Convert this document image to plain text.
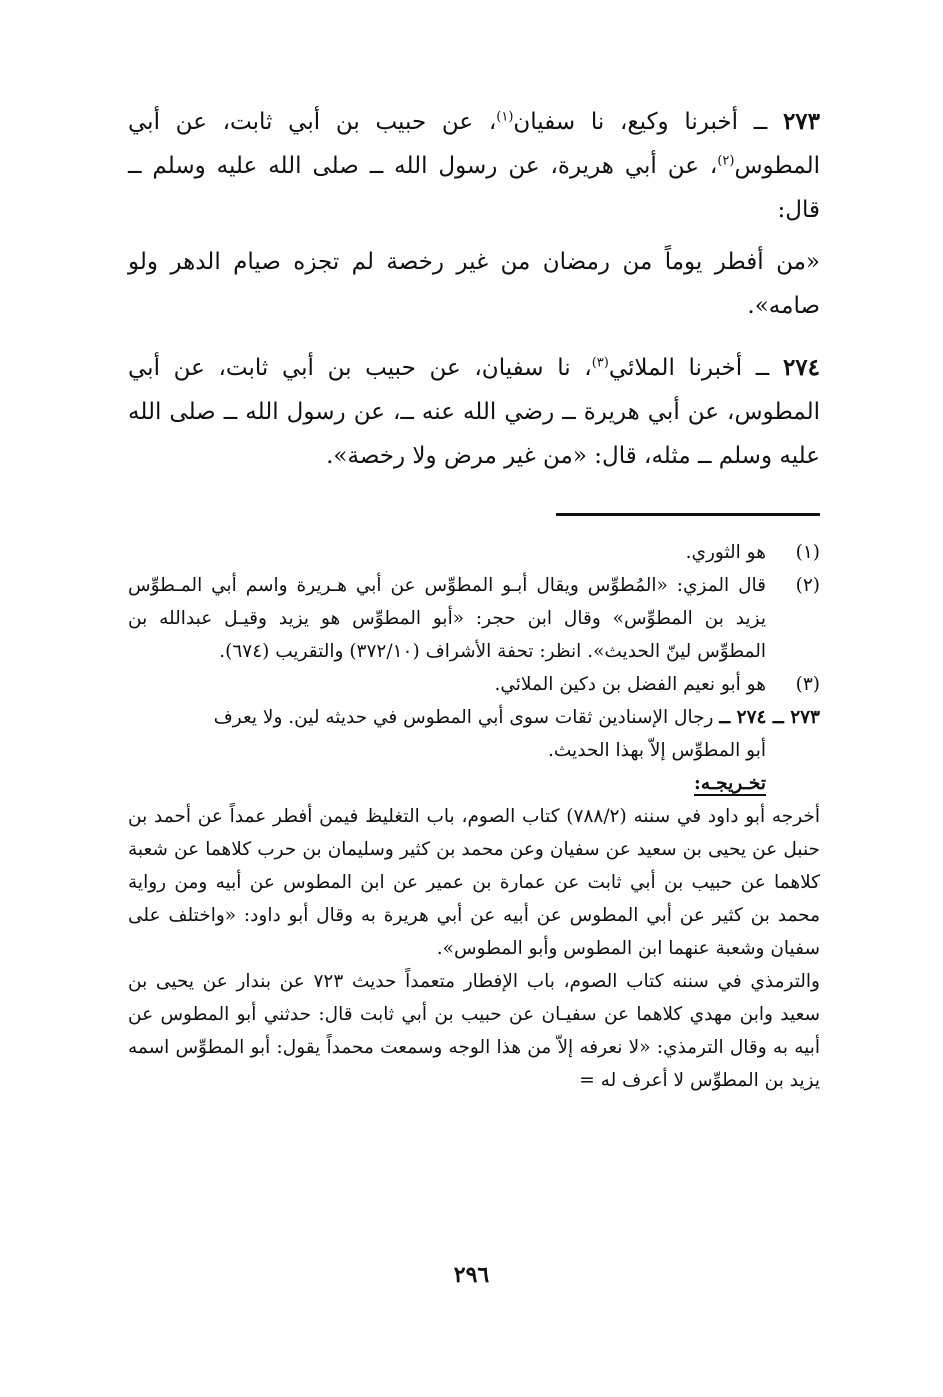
٢٧٣ ــ أخبرنا وكيع، نا سفيان$^{(١)}$، عن حبيب بن أبي ثابت، عن أبي المطوس$^{(٢)}$، عن أبي هريرة، عن رسول الله ــ صلى الله عليه وسلم ــ قال:

«من أفطر يوماً من رمضان من غير رخصة لم تجزه صيام الدهر ولو صامه».

٢٧٤ ــ أخبرنا الملائي$^{(٣)}$، نا سفيان، عن حبيب بن أبي ثابت، عن أبي المطوس، عن أبي هريرة ــ رضي الله عنه ــ، عن رسول الله ــ صلى الله عليه وسلم ــ مثله، قال: «من غير مرض ولا رخصة».

(١)
هو الثوري.

(٢)
قال المزي: «المُطوِّس ويقال أبـو المطوِّس عن أبي هـريرة واسم أبي المـطوِّس يزيد بن المطوِّس» وقال ابن حجر: «أبو المطوِّس هو يزيد وقيـل عبدالله بن المطوِّس لينّ الحديث». انظر: تحفة الأشراف (٣٧٢/١٠) والتقريب (٦٧٤).

(٣)
هو أبو نعيم الفضل بن دكين الملائي.

٢٧٣ ــ ٢٧٤ ــ رجال الإسنادين ثقات سوى أبي المطوس في حديثه لين. ولا يعرف

أبو المطوِّس إلاّ بهذا الحديث.

تخـريجـه:

أخرجه أبو داود في سننه (٧٨٨/٢) كتاب الصوم، باب التغليظ فيمن أفطر عمداً عن أحمد بن حنبل عن يحيى بن سعيد عن سفيان وعن محمد بن كثير وسليمان بن حرب كلاهما عن شعبة كلاهما عن حبيب بن أبي ثابت عن عمارة بن عمير عن ابن المطوس عن أبيه ومن رواية محمد بن كثير عن أبي المطوس عن أبيه عن أبي هريرة به وقال أبو داود: «واختلف على سفيان وشعبة عنهما ابن المطوس وأبو المطوس».

والترمذي في سننه كتاب الصوم، باب الإفطار متعمداً حديث ٧٢٣ عن بندار عن يحيى بن سعيد وابن مهدي كلاهما عن سفيـان عن حبيب بن أبي ثابت قال: حدثني أبو المطوس عن أبيه به وقال الترمذي: «لا نعرفه إلاّ من هذا الوجه وسمعت محمداً يقول: أبو المطوِّس اسمه يزيد بن المطوِّس لا أعرف له =

٢٩٦
